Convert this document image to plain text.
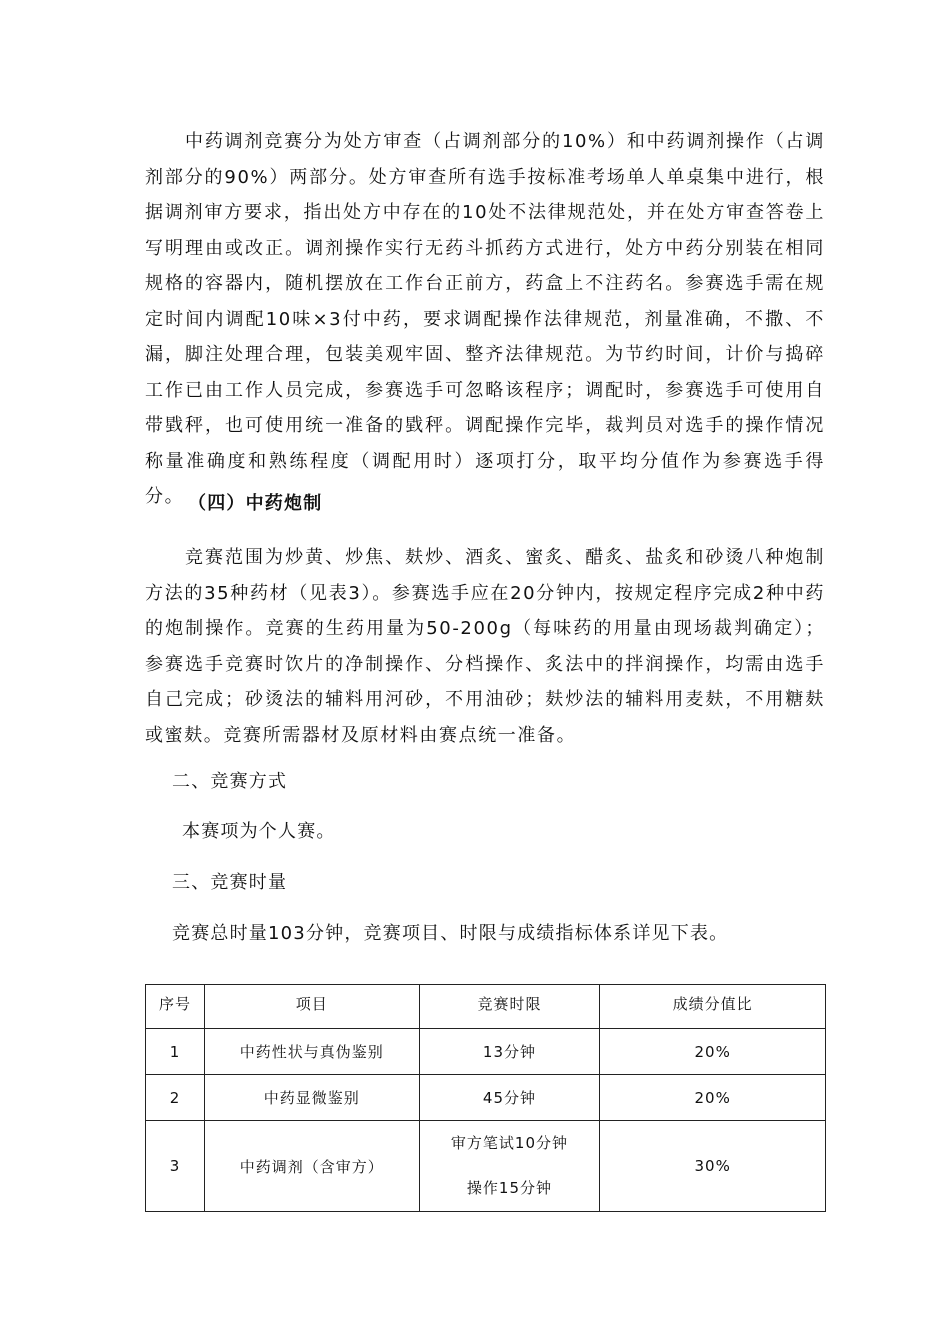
中药调剂竞赛分为处方审查（占调剂部分的10%）和中药调剂操作（占调剂部分的90%）两部分。处方审查所有选手按标准考场单人单桌集中进行，根据调剂审方要求，指出处方中存在的10处不法律规范处，并在处方审查答卷上写明理由或改正。调剂操作实行无药斗抓药方式进行，处方中药分别装在相同规格的容器内，随机摆放在工作台正前方，药盒上不注药名。参赛选手需在规定时间内调配10味×3付中药，要求调配操作法律规范，剂量准确，不撒、不漏，脚注处理合理，包装美观牢固、整齐法律规范。为节约时间，计价与捣碎工作已由工作人员完成，参赛选手可忽略该程序；调配时，参赛选手可使用自带戥秤，也可使用统一准备的戥秤。调配操作完毕，裁判员对选手的操作情况称量准确度和熟练程度（调配用时）逐项打分，取平均分值作为参赛选手得分。 （四）中药炮制

竞赛范围为炒黄、炒焦、麸炒、酒炙、蜜炙、醋炙、盐炙和砂烫八种炮制方法的35种药材（见表3）。参赛选手应在20分钟内，按规定程序完成2种中药的炮制操作。竞赛的生药用量为50-200g（每味药的用量由现场裁判确定）；参赛选手竞赛时饮片的净制操作、分档操作、炙法中的拌润操作，均需由选手自己完成；砂烫法的辅料用河砂，不用油砂；麸炒法的辅料用麦麸，不用糖麸或蜜麸。竞赛所需器材及原材料由赛点统一准备。

二、竞赛方式

本赛项为个人赛。

三、竞赛时量

竞赛总时量103分钟，竞赛项目、时限与成绩指标体系详见下表。

序号	项目	竞赛时限	成绩分值比
1	中药性状与真伪鉴别	13分钟	20%
2	中药显微鉴别	45分钟	20%
3	中药调剂（含审方）	审方笔试10分钟
操作15分钟	30%
